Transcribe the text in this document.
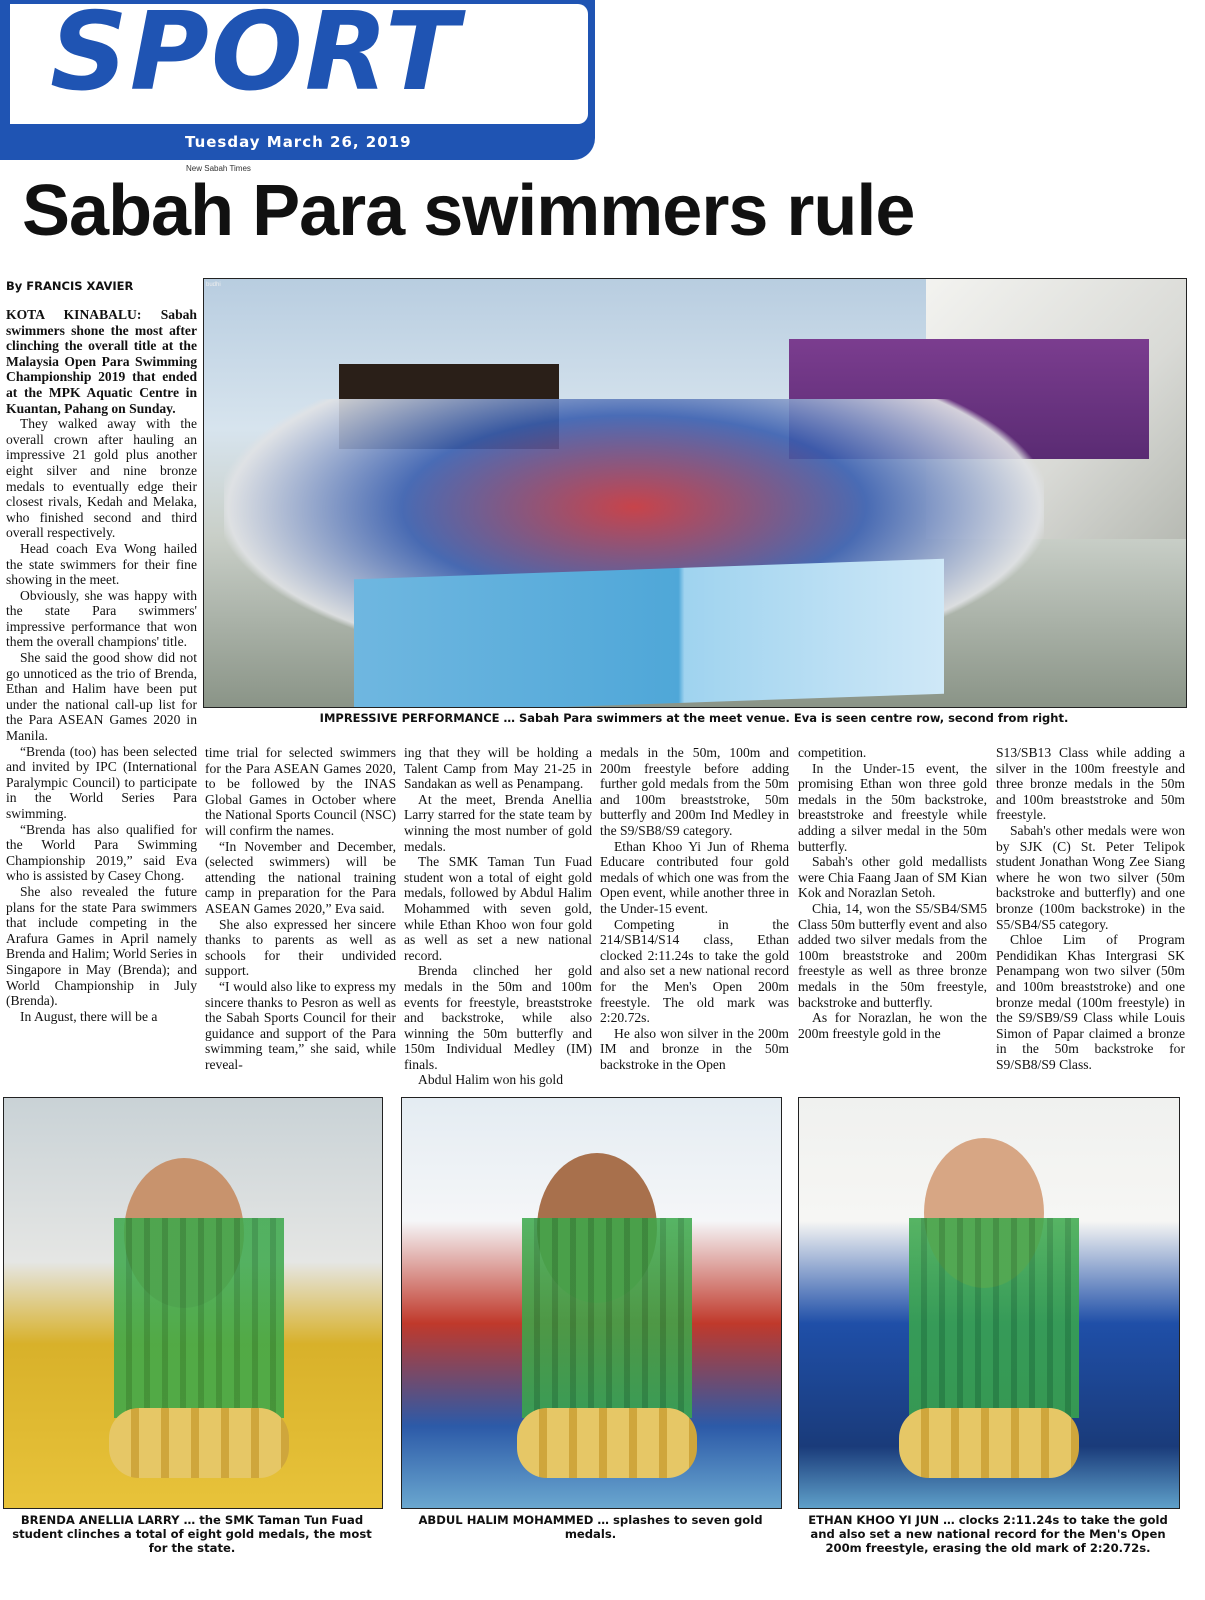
SPORT
Tuesday March 26, 2019
New Sabah Times
Sabah Para swimmers rule
By FRANCIS XAVIER

KOTA KINABALU: Sabah swimmers shone the most after clinching the overall title at the Malaysia Open Para Swimming Championship 2019 that ended at the MPK Aquatic Centre in Kuantan, Pahang on Sunday.

They walked away with the overall crown after hauling an impressive 21 gold plus another eight silver and nine bronze medals to eventually edge their closest rivals, Kedah and Melaka, who finished second and third overall respectively.

Head coach Eva Wong hailed the state swimmers for their fine showing in the meet.

Obviously, she was happy with the state Para swimmers' impressive performance that won them the overall champions' title.

She said the good show did not go unnoticed as the trio of Brenda, Ethan and Halim have been put under the national call-up list for the Para ASEAN Games 2020 in Manila.

“Brenda (too) has been selected and invited by IPC (International Paralympic Council) to participate in the World Series Para swimming.

“Brenda has also qualified for the World Para Swimming Championship 2019,” said Eva who is assisted by Casey Chong.

She also revealed the future plans for the state Para swimmers that include competing in the Arafura Games in April namely Brenda and Halim; World Series in Singapore in May (Brenda); and World Championship in July (Brenda).

In August, there will be a

budhi
IMPRESSIVE PERFORMANCE … Sabah Para swimmers at the meet venue. Eva is seen centre row, second from right.

time trial for selected swimmers for the Para ASEAN Games 2020, to be followed by the INAS Global Games in October where the National Sports Council (NSC) will confirm the names.

“In November and December, (selected swimmers) will be attending the national training camp in preparation for the Para ASEAN Games 2020,” Eva said.

She also expressed her sincere thanks to parents as well as schools for their undivided support.

“I would also like to express my sincere thanks to Pesron as well as the Sabah Sports Council for their guidance and support of the Para swimming team,” she said, while reveal-

ing that they will be holding a Talent Camp from May 21-25 in Sandakan as well as Penampang.

At the meet, Brenda Anellia Larry starred for the state team by winning the most number of gold medals.

The SMK Taman Tun Fuad student won a total of eight gold medals, followed by Abdul Halim Mohammed with seven gold, while Ethan Khoo won four gold as well as set a new national record.

Brenda clinched her gold medals in the 50m and 100m events for freestyle, breaststroke and backstroke, while also winning the 50m butterfly and 150m Individual Medley (IM) finals.

Abdul Halim won his gold

medals in the 50m, 100m and 200m freestyle before adding further gold medals from the 50m and 100m breaststroke, 50m butterfly and 200m Ind Medley in the S9/SB8/S9 category.

Ethan Khoo Yi Jun of Rhema Educare contributed four gold medals of which one was from the Open event, while another three in the Under-15 event.

Competing in the 214/SB14/S14 class, Ethan clocked 2:11.24s to take the gold and also set a new national record for the Men's Open 200m freestyle. The old mark was 2:20.72s.

He also won silver in the 200m IM and bronze in the 50m backstroke in the Open

competition.

In the Under-15 event, the promising Ethan won three gold medals in the 50m backstroke, breaststroke and freestyle while adding a silver medal in the 50m butterfly.

Sabah's other gold medallists were Chia Faang Jaan of SM Kian Kok and Norazlan Setoh.

Chia, 14, won the S5/SB4/SM5 Class 50m butterfly event and also added two silver medals from the 100m breaststroke and 200m freestyle as well as three bronze medals in the 50m freestyle, backstroke and butterfly.

As for Norazlan, he won the 200m freestyle gold in the

S13/SB13 Class while adding a silver in the 100m freestyle and three bronze medals in the 50m and 100m breaststroke and 50m freestyle.

Sabah's other medals were won by SJK (C) St. Peter Telipok student Jonathan Wong Zee Siang where he won two silver (50m backstroke and butterfly) and one bronze (100m backstroke) in the S5/SB4/S5 category.

Chloe Lim of Program Pendidikan Khas Intergrasi SK Penampang won two silver (50m and 100m breaststroke) and one bronze medal (100m freestyle) in the S9/SB9/S9 Class while Louis Simon of Papar claimed a bronze in the 50m backstroke for S9/SB8/S9 Class.

BRENDA ANELLIA LARRY … the SMK Taman Tun Fuad student clinches a total of eight gold medals, the most for the state.
ABDUL HALIM MOHAMMED … splashes to seven gold medals.
ETHAN KHOO YI JUN … clocks 2:11.24s to take the gold and also set a new national record for the Men's Open 200m freestyle, erasing the old mark of 2:20.72s.
